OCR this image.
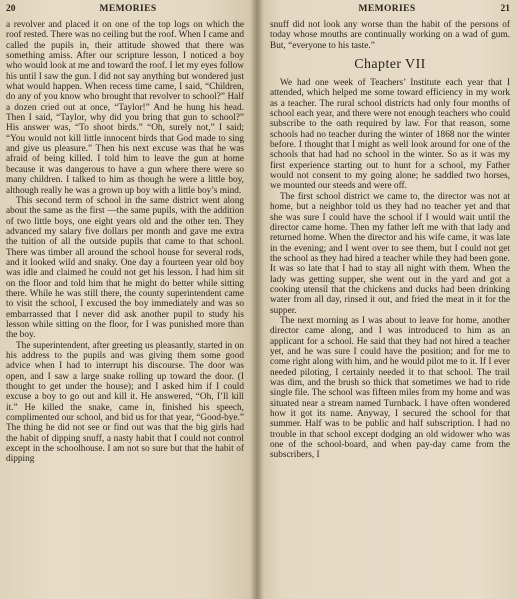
20	MEMORIES

a revolver and placed it on one of the top logs on which the roof rested. There was no ceiling but the roof. When I came and called the pupils in, their attitude showed that there was something amiss. After our scripture lesson, I noticed a boy who would look at me and toward the roof. I let my eyes follow his until I saw the gun. I did not say anything but wondered just what would happen. When recess time came, I said, “Children, do any of you know who brought that revolver to school?” Half a dozen cried out at once, “Taylor!” And he hung his head. Then I said, “Taylor, why did you bring that gun to school?” His answer was, “To shoot birds.” “Oh, surely not,” I said; “You would not kill little innocent birds that God made to sing and give us pleasure.” Then his next excuse was that he was afraid of being killed. I told him to leave the gun at home because it was dangerous to have a gun where there were so many children. I talked to him as though he were a little boy, although really he was a grown up boy with a little boy’s mind.

This second term of school in the same district went along about the same as the first —the same pupils, with the addition of two little boys, one eight years old and the other ten. They advanced my salary five dollars per month and gave me extra the tuition of all the outside pupils that came to that school. There was timber all around the school house for several rods, and it looked wild and snaky. One day a fourteen year old boy was idle and claimed he could not get his lesson. I had him sit on the floor and told him that he might do better while sitting there. While he was still there, the county superintendent came to visit the school, I excused the boy immediately and was so embarrassed that I never did ask another pupil to study his lesson while sitting on the floor, for I was punished more than the boy.

The superintendent, after greeting us pleasantly, started in on his address to the pupils and was giving them some good advice when I had to interrupt his discourse. The door was open, and I saw a large snake rolling up toward the door. (I thought to get under the house); and I asked him if I could excuse a boy to go out and kill it. He answered, “Oh, I’ll kill it.” He killed the snake, came in, finished his speech, complimented our school, and bid us for that year, “Good-bye.” The thing he did not see or find out was that the big girls had the habit of dipping snuff, a nasty habit that I could not control except in the schoolhouse. I am not so sure but that the habit of dipping

MEMORIES	21

snuff did not look any worse than the habit of the persons of today whose mouths are continually working on a wad of gum. But, “everyone to his taste.”

Chapter VII

We had one week of Teachers’ Institute each year that I attended, which helped me some toward efficiency in my work as a teacher. The rural school districts had only four months of school each year, and there were not enough teachers who could subscribe to the oath required by law. For that reason, some schools had no teacher during the winter of 1868 nor the winter before. I thought that I might as well look around for one of the schools that had had no school in the winter. So as it was my first experience starting out to hunt for a school, my Father would not consent to my going alone; he saddled two horses, we mounted our steeds and were off.

The first school district we came to, the director was not at home, but a neighbor told us they had no teacher yet and that she was sure I could have the school if I would wait until the director came home. Then my father left me with that lady and returned home. When the director and his wife came, it was late in the evening; and I went over to see them, but I could not get the school as they had hired a teacher while they had been gone. It was so late that I had to stay all night with them. When the lady was getting supper, she went out in the yard and got a cooking utensil that the chickens and ducks had been drinking water from all day, rinsed it out, and fried the meat in it for the supper.

The next morning as I was about to leave for home, another director came along, and I was introduced to him as an applicant for a school. He said that they had not hired a teacher yet, and he was sure I could have the position; and for me to come right along with him, and he would pilot me to it. If I ever needed piloting, I certainly needed it to that school. The trail was dim, and the brush so thick that sometimes we had to ride single file. The school was fifteen miles from my home and was situated near a stream named Turnback. I have often wondered how it got its name. Anyway, I secured the school for that summer. Half was to be public and half subscription. I had no trouble in that school except dodging an old widower who was one of the school-board, and when pay-day came from the subscribers, I
